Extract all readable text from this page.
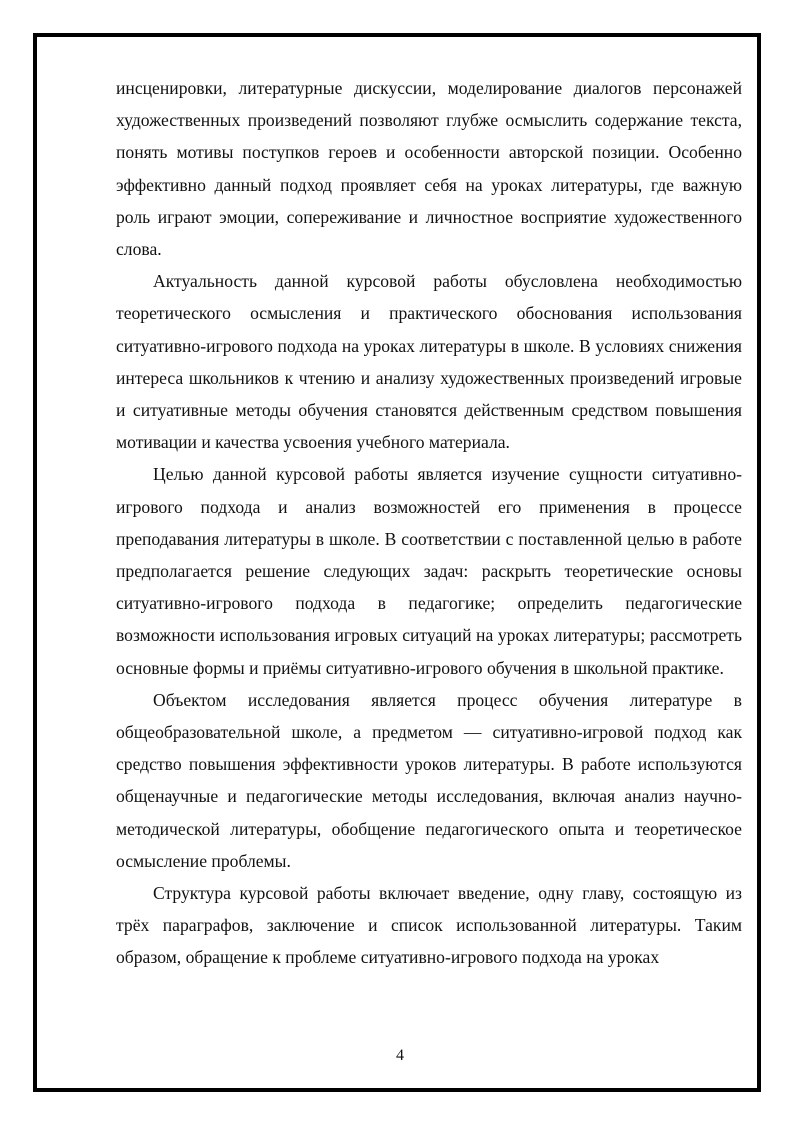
инсценировки, литературные дискуссии, моделирование диалогов персонажей художественных произведений позволяют глубже осмыслить содержание текста, понять мотивы поступков героев и особенности авторской позиции. Особенно эффективно данный подход проявляет себя на уроках литературы, где важную роль играют эмоции, сопереживание и личностное восприятие художественного слова.

Актуальность данной курсовой работы обусловлена необходимостью теоретического осмысления и практического обоснования использования ситуативно-игрового подхода на уроках литературы в школе. В условиях снижения интереса школьников к чтению и анализу художественных произведений игровые и ситуативные методы обучения становятся действенным средством повышения мотивации и качества усвоения учебного материала.

Целью данной курсовой работы является изучение сущности ситуативно-игрового подхода и анализ возможностей его применения в процессе преподавания литературы в школе. В соответствии с поставленной целью в работе предполагается решение следующих задач: раскрыть теоретические основы ситуативно-игрового подхода в педагогике; определить педагогические возможности использования игровых ситуаций на уроках литературы; рассмотреть основные формы и приёмы ситуативно-игрового обучения в школьной практике.

Объектом исследования является процесс обучения литературе в общеобразовательной школе, а предметом — ситуативно-игровой подход как средство повышения эффективности уроков литературы. В работе используются общенаучные и педагогические методы исследования, включая анализ научно-методической литературы, обобщение педагогического опыта и теоретическое осмысление проблемы.

Структура курсовой работы включает введение, одну главу, состоящую из трёх параграфов, заключение и список использованной литературы. Таким образом, обращение к проблеме ситуативно-игрового подхода на уроках

4
